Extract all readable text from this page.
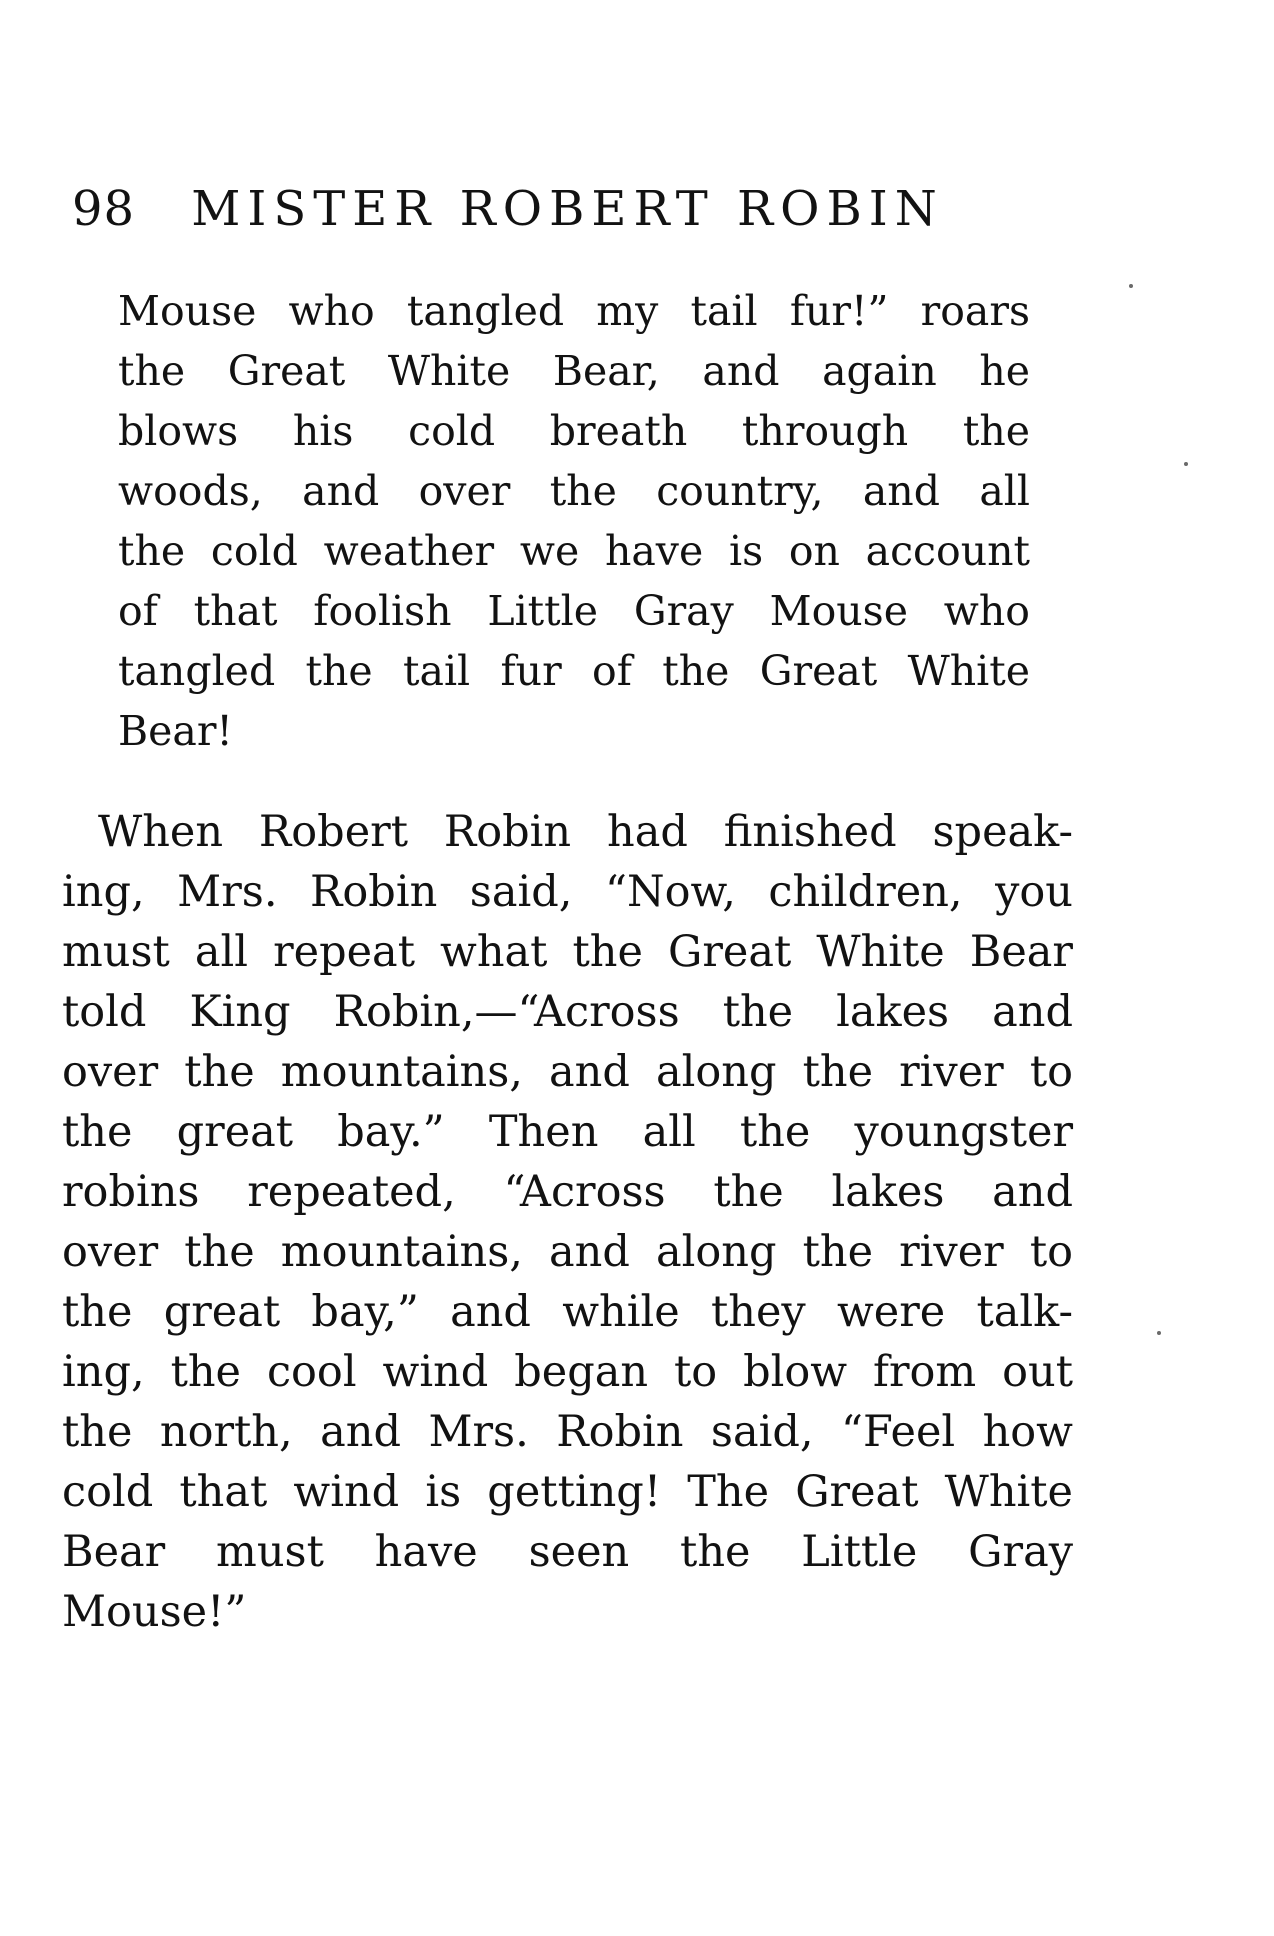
98	MISTER ROBERT ROBIN
Mouse who tangled my tail fur!” roars
the Great White Bear, and again he
blows his cold breath through the
woods, and over the country, and all
the cold weather we have is on account
of that foolish Little Gray Mouse who
tangled the tail fur of the Great White
Bear!
When Robert Robin had finished speak-
ing, Mrs. Robin said, “Now, children, you
must all repeat what the Great White Bear
told King Robin,—“Across the lakes and
over the mountains, and along the river to
the great bay.” Then all the youngster
robins repeated, “Across the lakes and
over the mountains, and along the river to
the great bay,” and while they were talk-
ing, the cool wind began to blow from out
the north, and Mrs. Robin said, “Feel how
cold that wind is getting! The Great White
Bear must have seen the Little Gray
Mouse!”
